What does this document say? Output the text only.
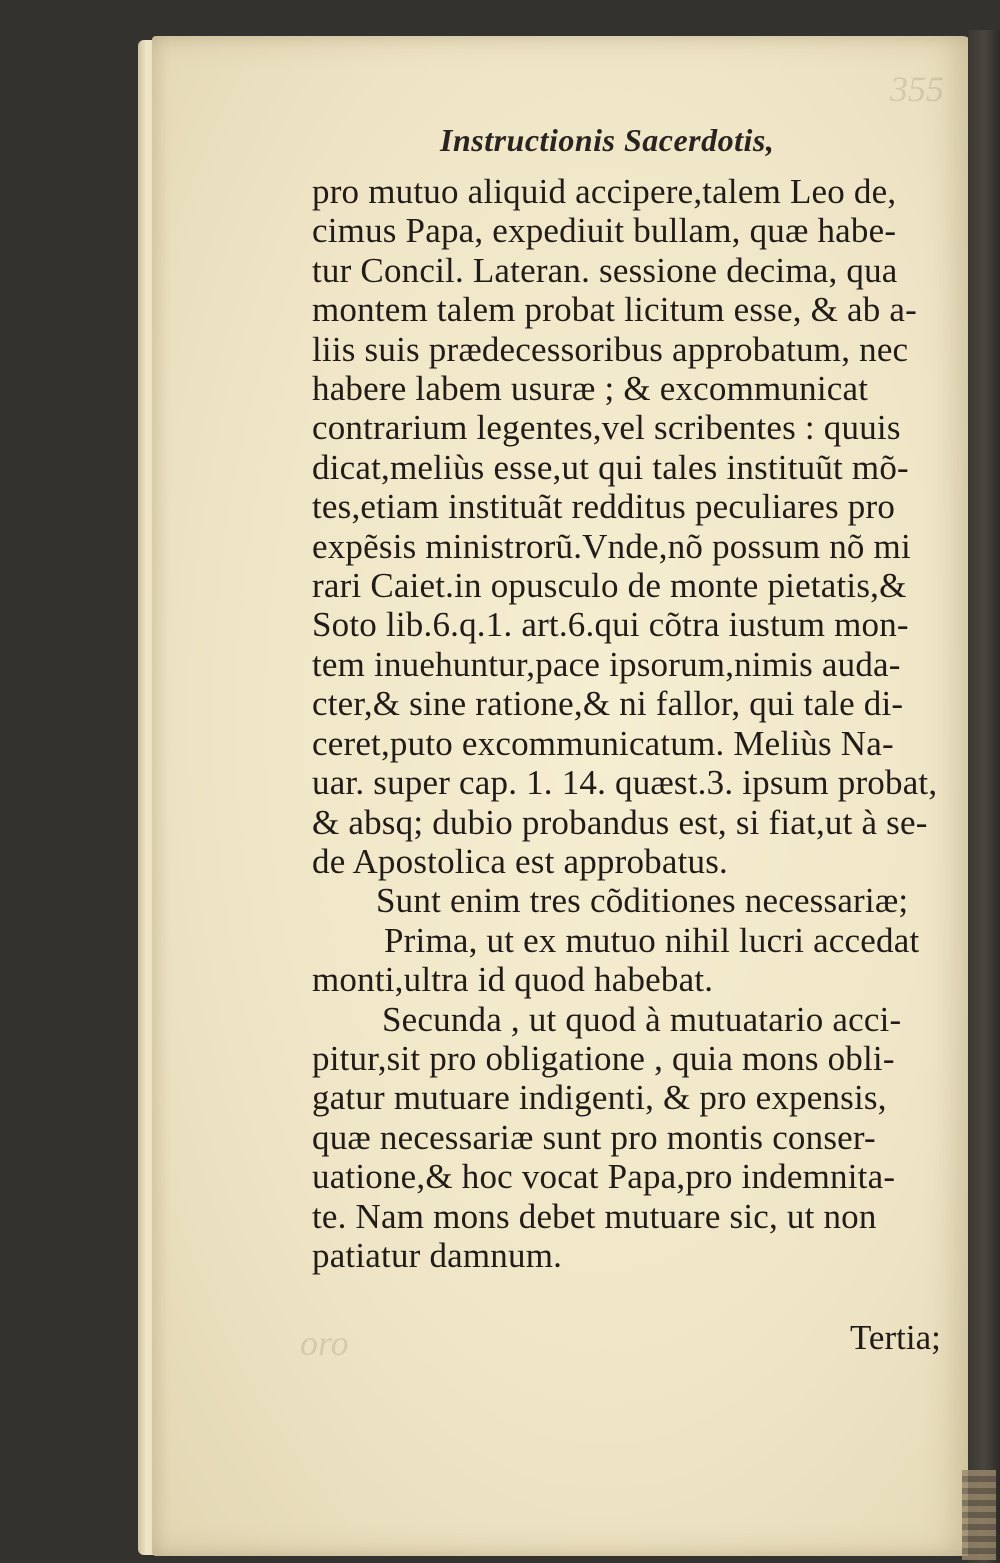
355
oro
Instructionis Sacerdotis,
pro mutuo aliquid accipere,talem Leo de,
cimus Papa, expediuit bullam, quæ habe-
tur Concil. Lateran. sessione decima, qua
montem talem probat licitum esse, & ab a-
liis suis prædecessoribus approbatum, nec
habere labem usuræ ; & excommunicat
contrarium legentes,vel scribentes : quuis
dicat,meliùs esse,ut qui tales instituũt mõ-
tes,etiam instituãt redditus peculiares pro
expẽsis ministrorũ.Vnde,nõ possum nõ mi
rari Caiet.in opusculo de monte pietatis,&
Soto lib.6.q.1. art.6.qui cõtra iustum mon-
tem inuehuntur,pace ipsorum,nimis auda-
cter,& sine ratione,& ni fallor, qui tale di-
ceret,puto excommunicatum. Meliùs Na-
uar. super cap. 1. 14. quæst.3. ipsum probat,
& absq; dubio probandus est, si fiat,ut à se-
de Apostolica est approbatus.
Sunt enim tres cõditiones necessariæ;
Prima, ut ex mutuo nihil lucri accedat
monti,ultra id quod habebat.
Secunda , ut quod à mutuatario acci-
pitur,sit pro obligatione , quia mons obli-
gatur mutuare indigenti, & pro expensis,
quæ necessariæ sunt pro montis conser-
uatione,& hoc vocat Papa,pro indemnita-
te. Nam mons debet mutuare sic, ut non
patiatur damnum.
Tertia;
